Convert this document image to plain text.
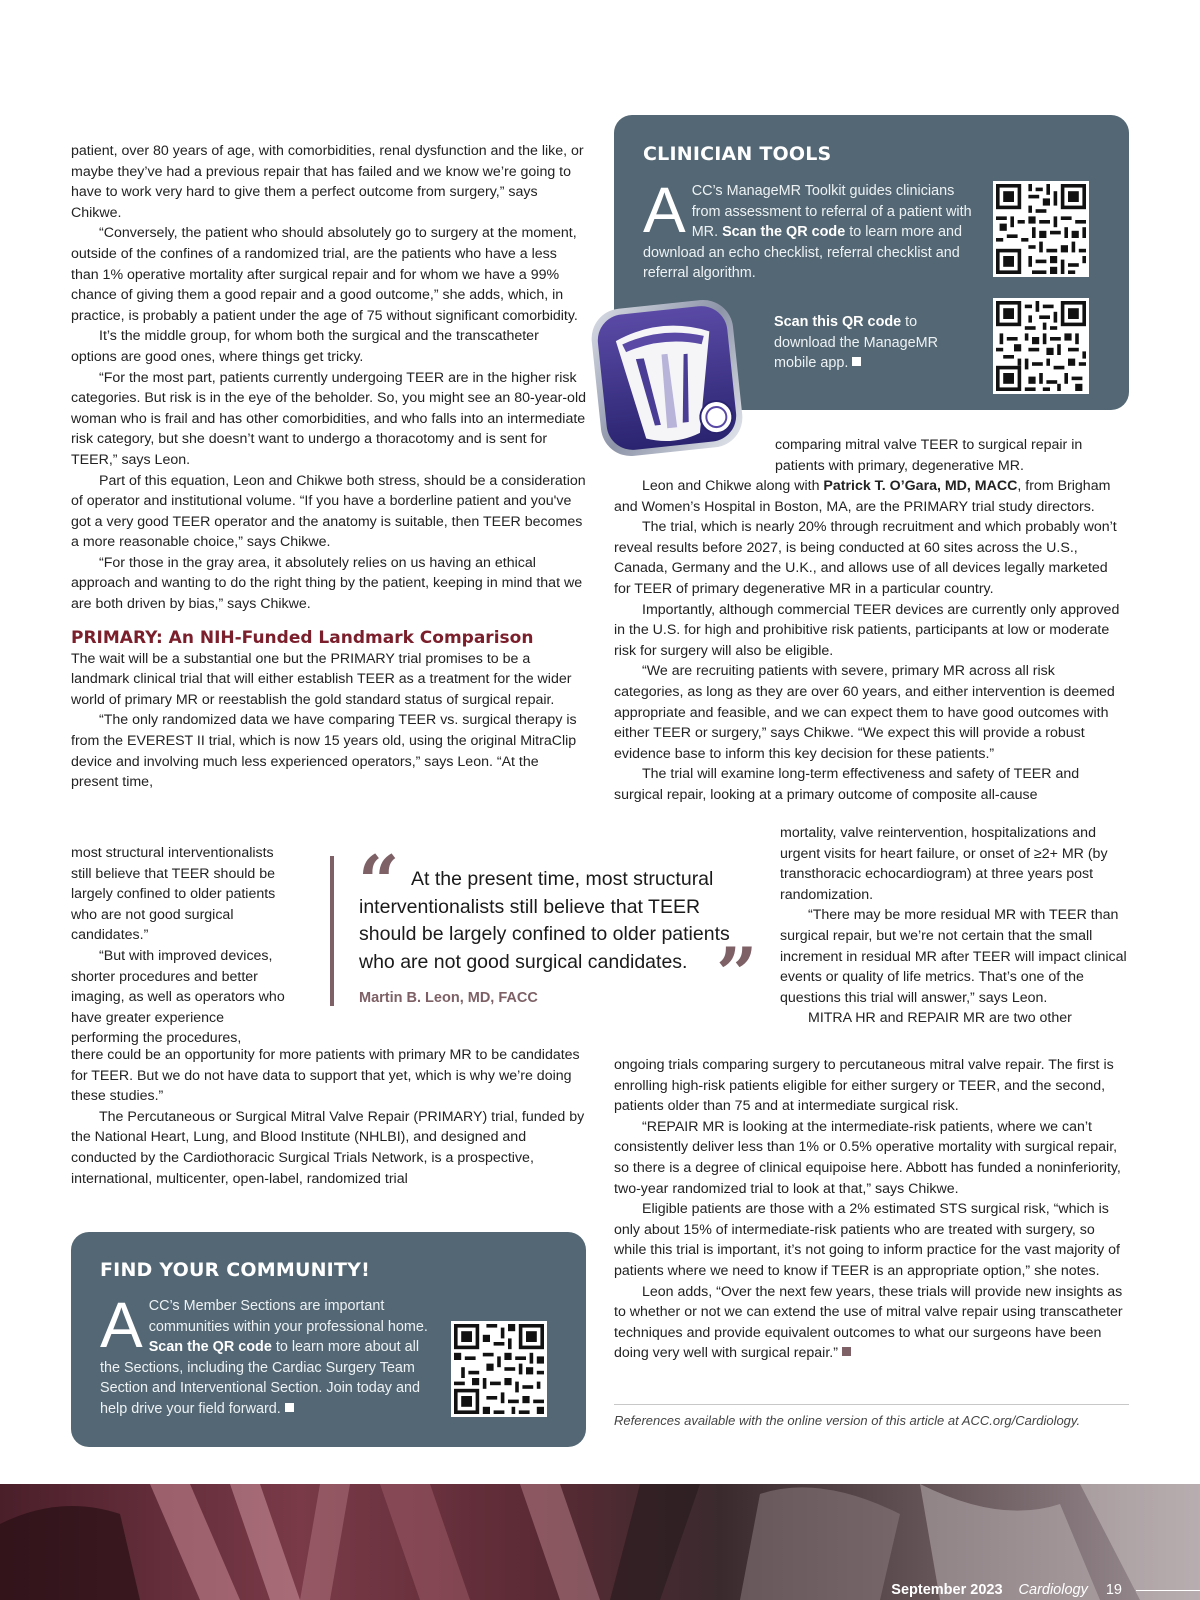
patient, over 80 years of age, with comorbidities, renal dysfunction and the like, or maybe they’ve had a previous repair that has failed and we know we’re going to have to work very hard to give them a perfect outcome from surgery,” says Chikwe.

“Conversely, the patient who should absolutely go to surgery at the moment, outside of the confines of a randomized trial, are the patients who have a less than 1% operative mortality after surgical repair and for whom we have a 99% chance of giving them a good repair and a good outcome,” she adds, which, in practice, is probably a patient under the age of 75 without significant comorbidity.

It’s the middle group, for whom both the surgical and the transcatheter options are good ones, where things get tricky.

“For the most part, patients currently undergoing TEER are in the higher risk categories. But risk is in the eye of the beholder. So, you might see an 80-year-old woman who is frail and has other comorbidities, and who falls into an intermediate risk category, but she doesn’t want to undergo a thoracotomy and is sent for TEER,” says Leon.

Part of this equation, Leon and Chikwe both stress, should be a consideration of operator and institutional volume. “If you have a borderline patient and you've got a very good TEER operator and the anatomy is suitable, then TEER becomes a more reasonable choice,” says Chikwe.

“For those in the gray area, it absolutely relies on us having an ethical approach and wanting to do the right thing by the patient, keeping in mind that we are both driven by bias,” says Chikwe.

PRIMARY: An NIH-Funded Landmark Comparison

The wait will be a substantial one but the PRIMARY trial promises to be a landmark clinical trial that will either establish TEER as a treatment for the wider world of primary MR or reestablish the gold standard status of surgical repair.

“The only randomized data we have comparing TEER vs. surgical therapy is from the EVEREST II trial, which is now 15 years old, using the original MitraClip device and involving much less experienced operators,” says Leon. “At the present time,

most structural interventionalists still believe that TEER should be largely confined to older patients who are not good surgical candidates.”

“But with improved devices, shorter procedures and better imaging, as well as operators who have greater experience performing the procedures,

there could be an opportunity for more patients with primary MR to be candidates for TEER. But we do not have data to support that yet, which is why we’re doing these studies.”

The Percutaneous or Surgical Mitral Valve Repair (PRIMARY) trial, funded by the National Heart, Lung, and Blood Institute (NHLBI), and designed and conducted by the Cardiothoracic Surgical Trials Network, is a prospective, international, multicenter, open-label, randomized trial

“ At the present time, most structural interventionalists still believe that TEER should be largely confined to older patients who are not good surgical candidates. ”

Martin B. Leon, MD, FACC

CLINICIAN TOOLS
A CC’s ManageMR Toolkit guides clinicians from assessment to referral of a patient with MR. Scan the QR code to learn more and download an echo checklist, referral checklist and referral algorithm.
Scan this QR code to download the ManageMR mobile app.

comparing mitral valve TEER to surgical repair in patients with primary, degenerative MR.

Leon and Chikwe along with Patrick T. O’Gara, MD, MACC, from Brigham and Women’s Hospital in Boston, MA, are the PRIMARY trial study directors.

The trial, which is nearly 20% through recruitment and which probably won’t reveal results before 2027, is being conducted at 60 sites across the U.S., Canada, Germany and the U.K., and allows use of all devices legally marketed for TEER of primary degenerative MR in a particular country.

Importantly, although commercial TEER devices are currently only approved in the U.S. for high and prohibitive risk patients, participants at low or moderate risk for surgery will also be eligible.

“We are recruiting patients with severe, primary MR across all risk categories, as long as they are over 60 years, and either intervention is deemed appropriate and feasible, and we can expect them to have good outcomes with either TEER or surgery,” says Chikwe. “We expect this will provide a robust evidence base to inform this key decision for these patients.”

The trial will examine long-term effectiveness and safety of TEER and surgical repair, looking at a primary outcome of composite all-cause

mortality, valve reintervention, hospitalizations and urgent visits for heart failure, or onset of ≥2+ MR (by transthoracic echocardiogram) at three years post randomization.

“There may be more residual MR with TEER than surgical repair, but we’re not certain that the small increment in residual MR after TEER will impact clinical events or quality of life metrics. That’s one of the questions this trial will answer,” says Leon.

MITRA HR and REPAIR MR are two other

ongoing trials comparing surgery to percutaneous mitral valve repair. The first is enrolling high-risk patients eligible for either surgery or TEER, and the second, patients older than 75 and at intermediate surgical risk.

“REPAIR MR is looking at the intermediate-risk patients, where we can’t consistently deliver less than 1% or 0.5% operative mortality with surgical repair, so there is a degree of clinical equipoise here. Abbott has funded a noninferiority, two-year randomized trial to look at that,” says Chikwe.

Eligible patients are those with a 2% estimated STS surgical risk, “which is only about 15% of intermediate-risk patients who are treated with surgery, so while this trial is important, it’s not going to inform practice for the vast majority of patients where we need to know if TEER is an appropriate option,” she notes.

Leon adds, “Over the next few years, these trials will provide new insights as to whether or not we can extend the use of mitral valve repair using transcatheter techniques and provide equivalent outcomes to what our surgeons have been doing very well with surgical repair.”

References available with the online version of this article at ACC.org/Cardiology.
FIND YOUR COMMUNITY!
A CC’s Member Sections are important communities within your professional home. Scan the QR code to learn more about all the Sections, including the Cardiac Surgery Team Section and Interventional Section. Join today and help drive your field forward.
September 2023 Cardiology 19
